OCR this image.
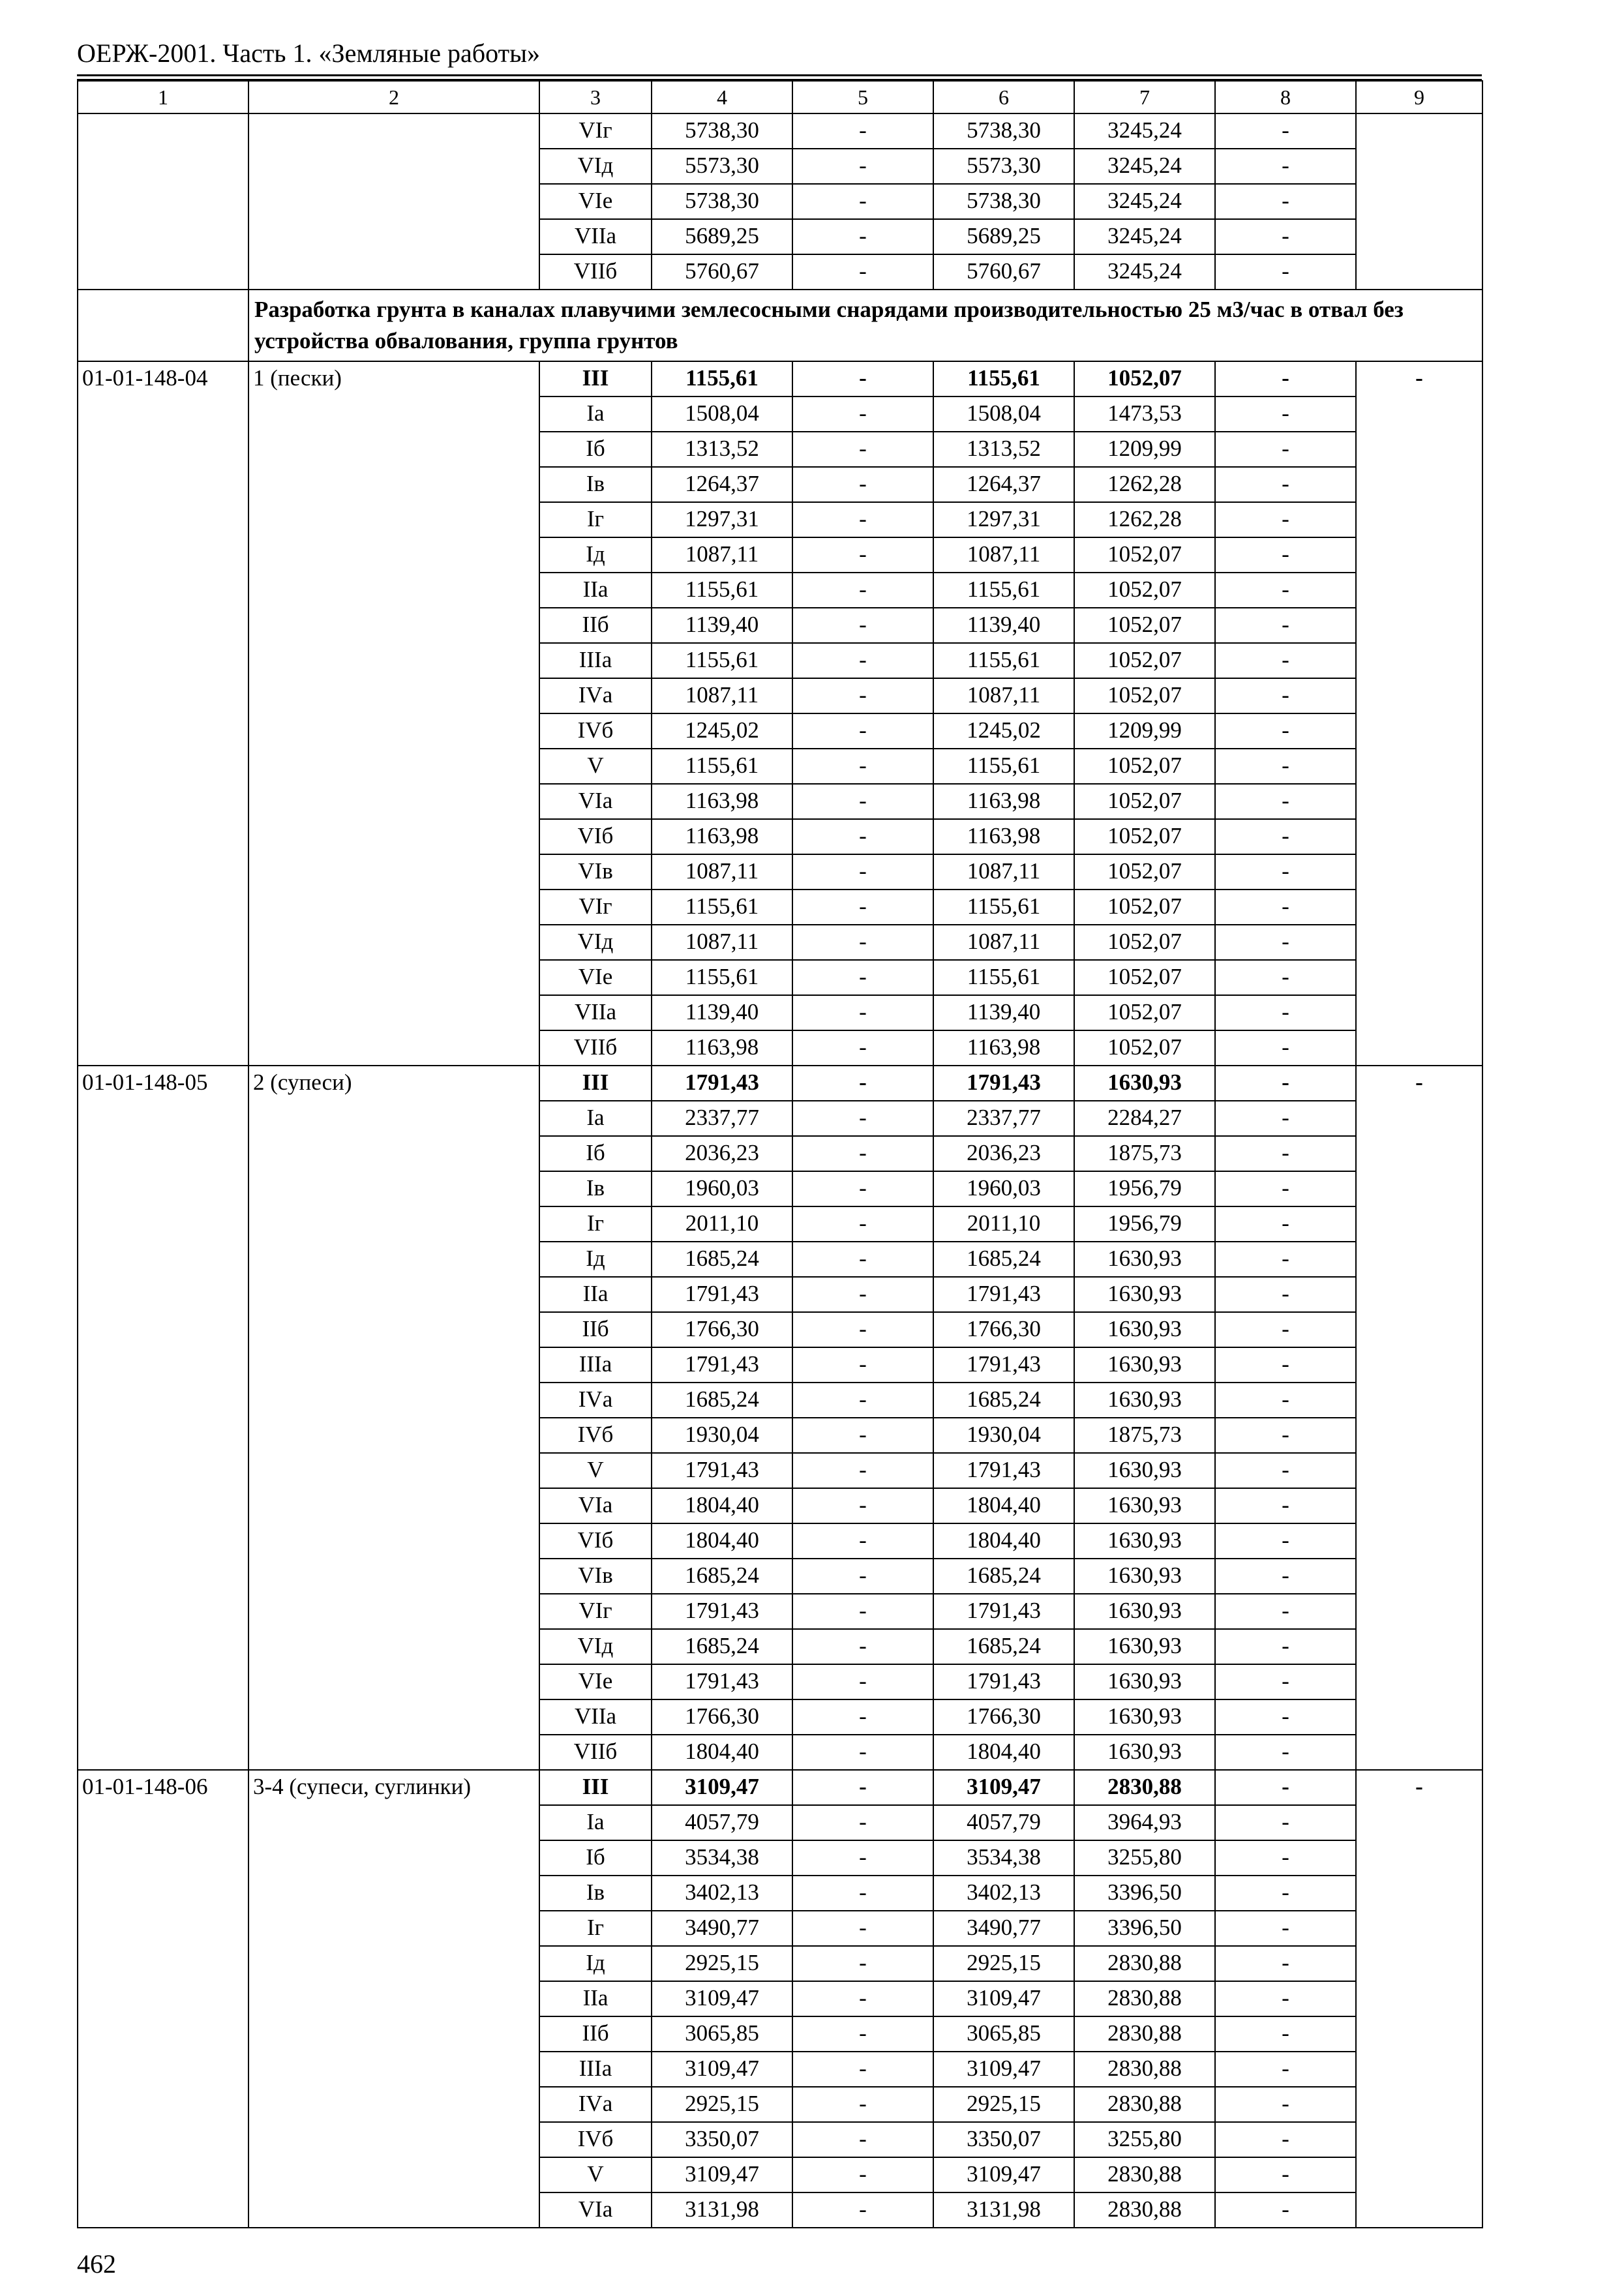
ОЕРЖ-2001. Часть 1. «Земляные работы»
1	2	3	4	5	6	7	8	9
		VIг	5738,30	-	5738,30	3245,24	-	
		VIд	5573,30	-	5573,30	3245,24	-	
		VIе	5738,30	-	5738,30	3245,24	-	
		VIIа	5689,25	-	5689,25	3245,24	-	
		VIIб	5760,67	-	5760,67	3245,24	-	
	Разработка грунта в каналах плавучими землесосными снарядами производительностью 25 м3/час в отвал без устройства обвалования, группа грунтов							
01-01-148-04	1 (пески)	III	1155,61	-	1155,61	1052,07	-	-
		Iа	1508,04	-	1508,04	1473,53	-	
		Iб	1313,52	-	1313,52	1209,99	-	
		Iв	1264,37	-	1264,37	1262,28	-	
		Iг	1297,31	-	1297,31	1262,28	-	
		Iд	1087,11	-	1087,11	1052,07	-	
		IIа	1155,61	-	1155,61	1052,07	-	
		IIб	1139,40	-	1139,40	1052,07	-	
		IIIа	1155,61	-	1155,61	1052,07	-	
		IVа	1087,11	-	1087,11	1052,07	-	
		IVб	1245,02	-	1245,02	1209,99	-	
		V	1155,61	-	1155,61	1052,07	-	
		VIа	1163,98	-	1163,98	1052,07	-	
		VIб	1163,98	-	1163,98	1052,07	-	
		VIв	1087,11	-	1087,11	1052,07	-	
		VIг	1155,61	-	1155,61	1052,07	-	
		VIд	1087,11	-	1087,11	1052,07	-	
		VIе	1155,61	-	1155,61	1052,07	-	
		VIIа	1139,40	-	1139,40	1052,07	-	
		VIIб	1163,98	-	1163,98	1052,07	-	
01-01-148-05	2 (супеси)	III	1791,43	-	1791,43	1630,93	-	-
		Iа	2337,77	-	2337,77	2284,27	-	
		Iб	2036,23	-	2036,23	1875,73	-	
		Iв	1960,03	-	1960,03	1956,79	-	
		Iг	2011,10	-	2011,10	1956,79	-	
		Iд	1685,24	-	1685,24	1630,93	-	
		IIа	1791,43	-	1791,43	1630,93	-	
		IIб	1766,30	-	1766,30	1630,93	-	
		IIIа	1791,43	-	1791,43	1630,93	-	
		IVа	1685,24	-	1685,24	1630,93	-	
		IVб	1930,04	-	1930,04	1875,73	-	
		V	1791,43	-	1791,43	1630,93	-	
		VIа	1804,40	-	1804,40	1630,93	-	
		VIб	1804,40	-	1804,40	1630,93	-	
		VIв	1685,24	-	1685,24	1630,93	-	
		VIг	1791,43	-	1791,43	1630,93	-	
		VIд	1685,24	-	1685,24	1630,93	-	
		VIе	1791,43	-	1791,43	1630,93	-	
		VIIа	1766,30	-	1766,30	1630,93	-	
		VIIб	1804,40	-	1804,40	1630,93	-	
01-01-148-06	3-4 (супеси, суглинки)	III	3109,47	-	3109,47	2830,88	-	-
		Iа	4057,79	-	4057,79	3964,93	-	
		Iб	3534,38	-	3534,38	3255,80	-	
		Iв	3402,13	-	3402,13	3396,50	-	
		Iг	3490,77	-	3490,77	3396,50	-	
		Iд	2925,15	-	2925,15	2830,88	-	
		IIа	3109,47	-	3109,47	2830,88	-	
		IIб	3065,85	-	3065,85	2830,88	-	
		IIIа	3109,47	-	3109,47	2830,88	-	
		IVа	2925,15	-	2925,15	2830,88	-	
		IVб	3350,07	-	3350,07	3255,80	-	
		V	3109,47	-	3109,47	2830,88	-	
		VIа	3131,98	-	3131,98	2830,88	-	
462
